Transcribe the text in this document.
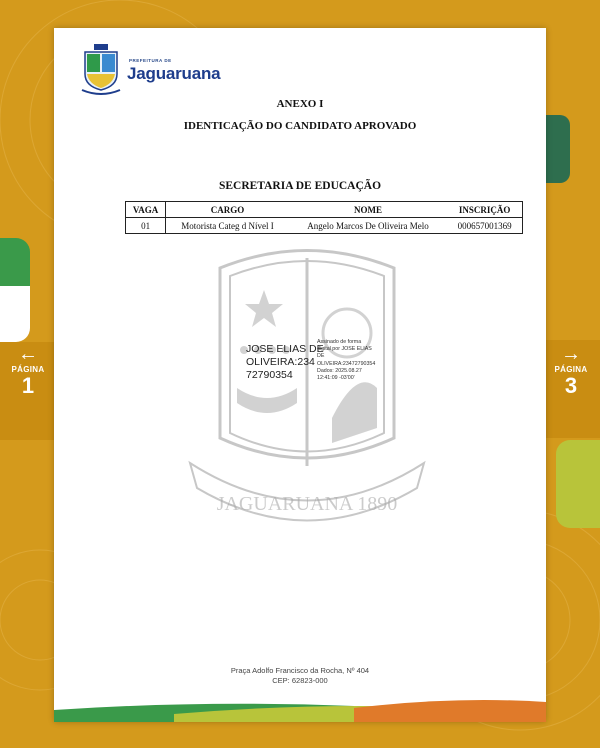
←
PÁGINA
1
→
PÁGINA
3
PREFEITURA DE
Jaguaruana
JAGUARUANA 1890
ANEXO I
IDENTICAÇÃO DO CANDIDATO APROVADO
SECRETARIA DE EDUCAÇÃO
VAGA	CARGO	NOME	INSCRIÇÃO
01	Motorista Categ d Nível I	Angelo Marcos De Oliveira Melo	000657001369
JOSE ELIAS DE
OLIVEIRA:234
72790354
Assinado de forma
digital por JOSE ELIAS
DE
OLIVEIRA:23472790354
Dados: 2025.08.27
12:41:09 -03'00'
Praça Adolfo Francisco da Rocha, Nº 404
CEP: 62823-000
